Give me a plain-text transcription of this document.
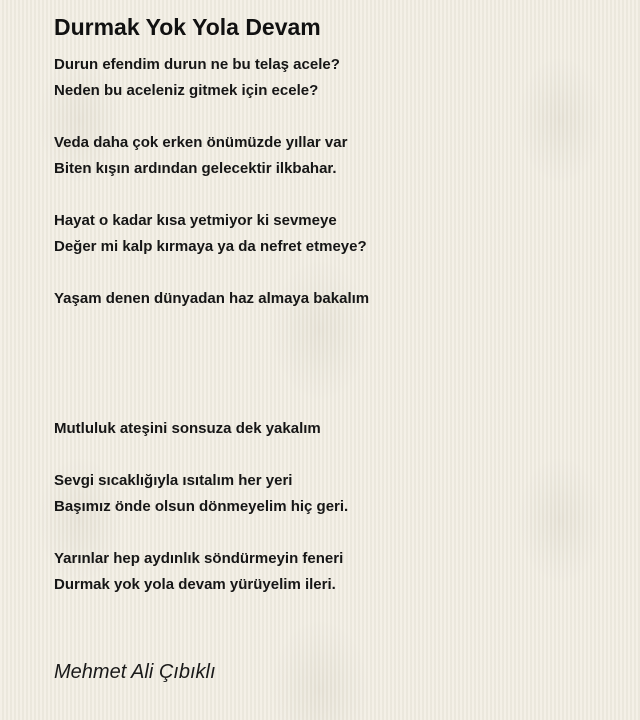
Durmak Yok Yola Devam
Durun efendim durun ne bu telaş acele?
Neden bu aceleniz gitmek için ecele?
Veda daha çok erken önümüzde yıllar var
Biten kışın ardından gelecektir ilkbahar.
Hayat o kadar kısa yetmiyor ki sevmeye
Değer mi kalp kırmaya ya da nefret etmeye?
Yaşam denen dünyadan haz almaya bakalım
Mutluluk ateşini sonsuza dek yakalım
Sevgi sıcaklığıyla ısıtalım her yeri
Başımız önde olsun dönmeyelim hiç geri.
Yarınlar hep aydınlık söndürmeyin feneri
Durmak yok yola devam yürüyelim ileri.
Mehmet Ali Çıbıklı
